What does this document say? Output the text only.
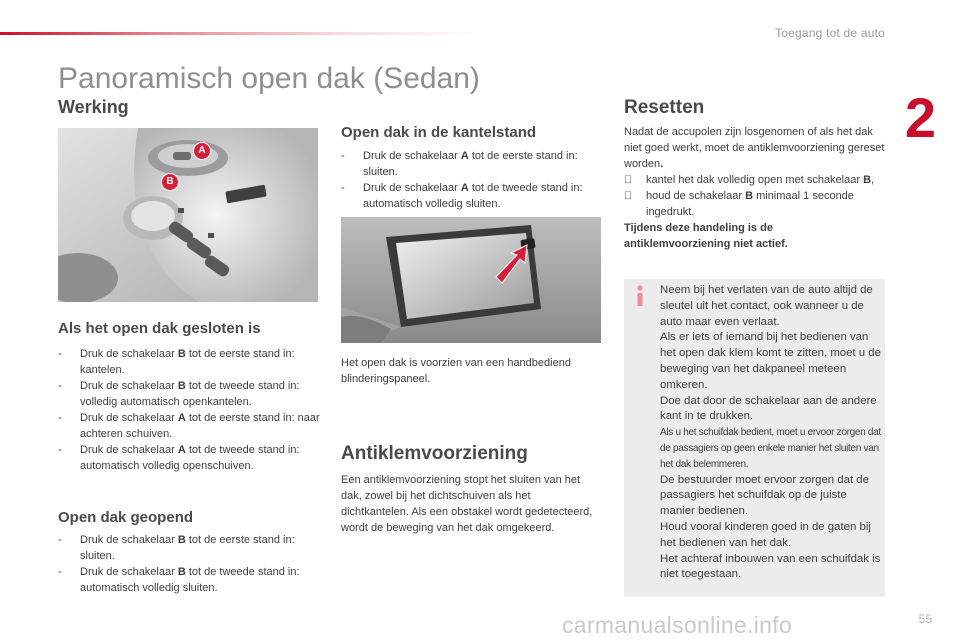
Toegang tot de auto
2
Panoramisch open dak (Sedan)
Werking
A
B
Als het open dak gesloten is
- Druk de schakelaar B tot de eerste stand in: kantelen.
- Druk de schakelaar B tot de tweede stand in: volledig automatisch openkantelen.
- Druk de schakelaar A tot de eerste stand in: naar achteren schuiven.
- Druk de schakelaar A tot de tweede stand in: automatisch volledig openschuiven.
Open dak geopend
- Druk de schakelaar B tot de eerste stand in: sluiten.
- Druk de schakelaar B tot de tweede stand in: automatisch volledig sluiten.
Open dak in de kantelstand
- Druk de schakelaar A tot de eerste stand in: sluiten.
- Druk de schakelaar A tot de tweede stand in: automatisch volledig sluiten.
Het open dak is voorzien van een handbediend blinderingspaneel.
Antiklemvoorziening
Een antiklemvoorziening stopt het sluiten van het dak, zowel bij het dichtschuiven als het dichtkantelen. Als een obstakel wordt gedetecteerd, wordt de beweging van het dak omgekeerd.
Resetten
Nadat de accupolen zijn losgenomen of als het dak niet goed werkt, moet de antiklemvoorziening gereset worden.
kantel het dak volledig open met schakelaar B,
houd de schakelaar B minimaal 1 seconde ingedrukt.
Tijdens deze handeling is de antiklemvoorziening niet actief.
Neem bij het verlaten van de auto altijd de sleutel uit het contact, ook wanneer u de auto maar even verlaat.
Als er iets of iemand bij het bedienen van het open dak klem komt te zitten, moet u de beweging van het dakpaneel meteen omkeren.
Doe dat door de schakelaar aan de andere kant in te drukken.
Als u het schuifdak bedient, moet u ervoor zorgen dat de passagiers op geen enkele manier het sluiten van het dak belemmeren.
De bestuurder moet ervoor zorgen dat de passagiers het schuifdak op de juiste manier bedienen.
Houd vooral kinderen goed in de gaten bij het bedienen van het dak.
Het achteraf inbouwen van een schuifdak is niet toegestaan.
55
carmanualsonline.info
